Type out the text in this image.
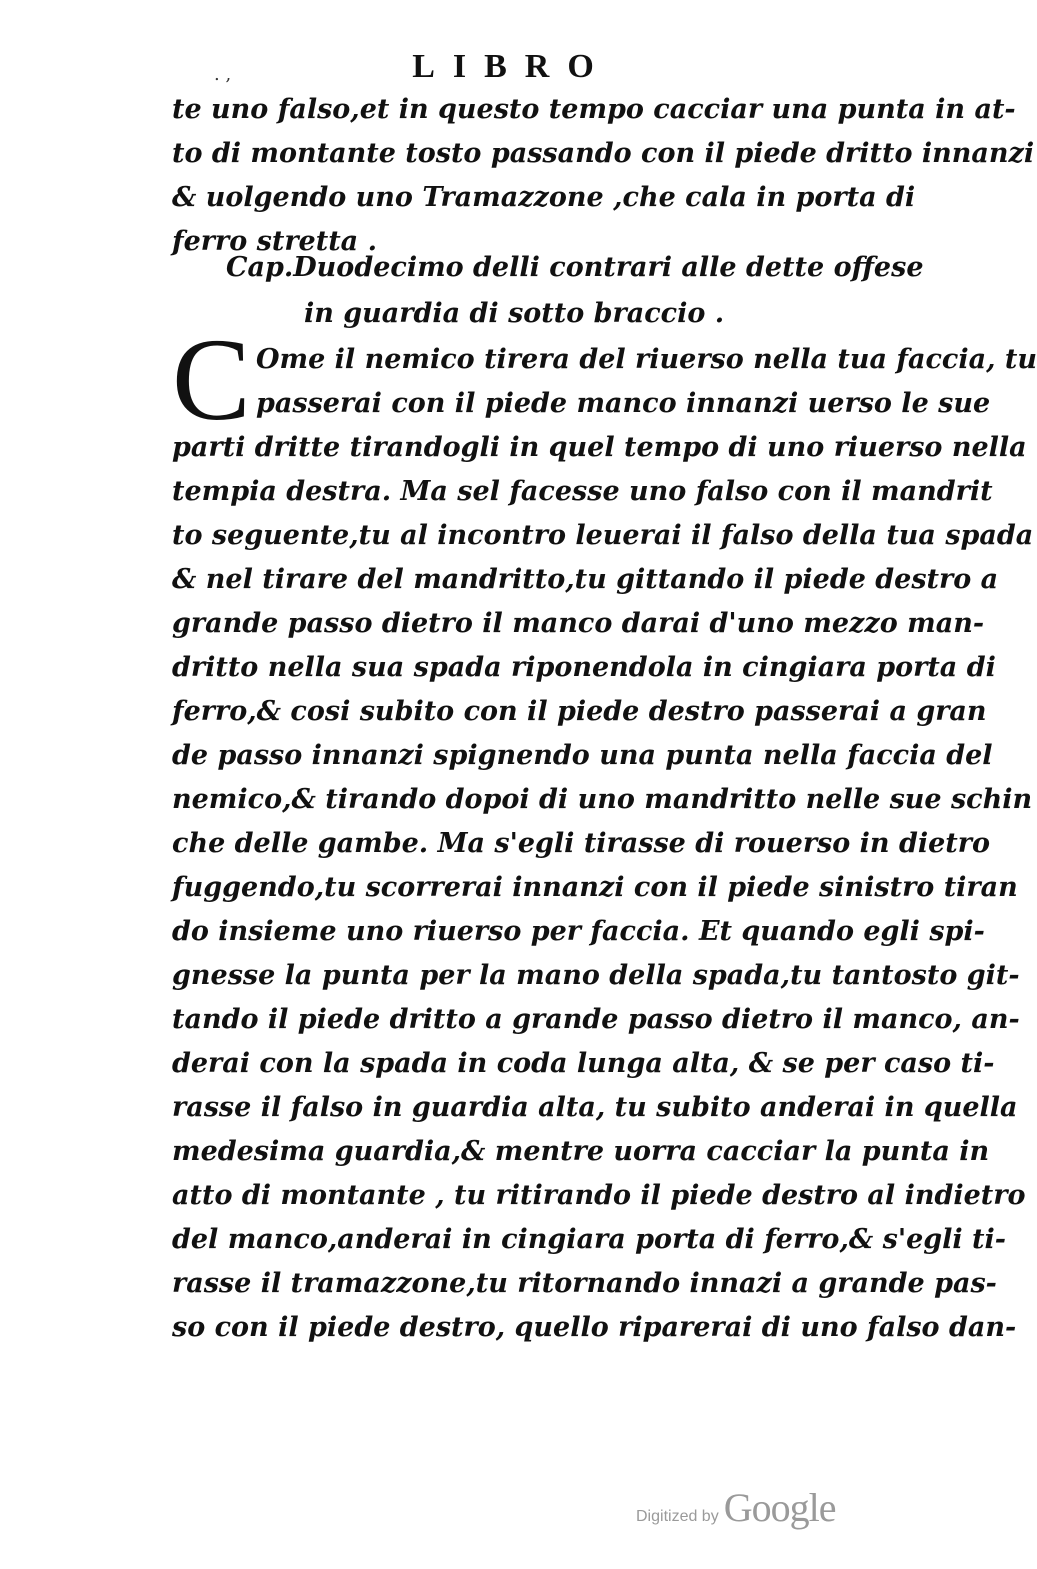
. ,	LIBRO
te uno falso,et in questo tempo cacciar una punta in at-
to di montante tosto passando con il piede dritto innanzi
& uolgendo uno Tramazzone ,che cala in porta di
ferro stretta .
Cap.Duodecimo delli contrari alle dette offese
in guardia di sotto braccio .
C Ome il nemico tirera del riuerso nella tua faccia, tu
passerai con il piede manco innanzi uerso le sue
parti dritte tirandogli in quel tempo di uno riuerso nella
tempia destra. Ma sel facesse uno falso con il mandrit
to seguente,tu al incontro leuerai il falso della tua spada
& nel tirare del mandritto,tu gittando il piede destro a
grande passo dietro il manco darai d'uno mezzo man-
dritto nella sua spada riponendola in cingiara porta di
ferro,& cosi subito con il piede destro passerai a gran
de passo innanzi spignendo una punta nella faccia del
nemico,& tirando dopoi di uno mandritto nelle sue schin
che delle gambe. Ma s'egli tirasse di rouerso in dietro
fuggendo,tu scorrerai innanzi con il piede sinistro tiran
do insieme uno riuerso per faccia. Et quando egli spi-
gnesse la punta per la mano della spada,tu tantosto git-
tando il piede dritto a grande passo dietro il manco, an-
derai con la spada in coda lunga alta, & se per caso ti-
rasse il falso in guardia alta, tu subito anderai in quella
medesima guardia,& mentre uorra cacciar la punta in
atto di montante , tu ritirando il piede destro al indietro
del manco,anderai in cingiara porta di ferro,& s'egli ti-
rasse il tramazzone,tu ritornando innazi a grande pas-
so con il piede destro, quello riparerai di uno falso dan-
Digitized by Google
